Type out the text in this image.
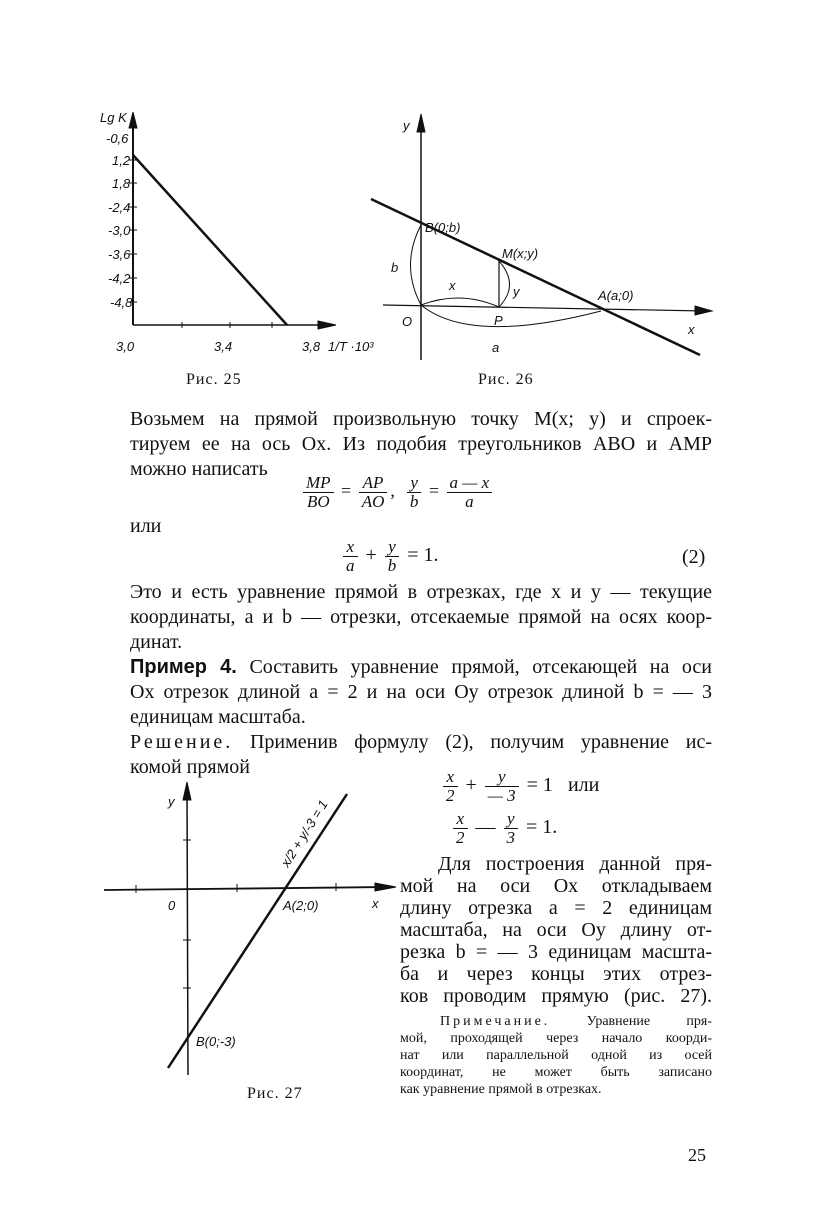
Lg K
-0,6
1,2
1,8
-2,4
-3,0
-3,6
-4,2
-4,8
3,0	3,4	3,8 1/T ·10³
y
x
O
B(0;b)
M(x;y)
A(a;0)
P
b
x	y
a
Рис. 25	Рис. 26
Возьмем на прямой произвольную точку M(x; y) и спроек-
тируем ее на ось Ox. Из подобия треугольников ABO и AMP
можно написать
$\frac{MP}{BO} = \frac{AP}{AO}$ , $\frac{y}{b} = \frac{a — x}{a}$
или
$\frac{x}{a} + \frac{y}{b} = 1$.	(2)
Это и есть уравнение прямой в отрезках, где x и y — текущие
координаты, a и b — отрезки, отсекаемые прямой на осях коор-
динат.
Пример 4. Составить уравнение прямой, отсекающей на оси
Ox отрезок длиной a = 2 и на оси Oy отрезок длиной b = — 3
единицам масштаба.
Решение. Применив формулу (2), получим уравнение ис-
комой прямой
$\frac{x}{2} + \frac{y}{— 3} = 1$ или
$\frac{x}{2}$ — $\frac{y}{3} = 1$.
Для построения данной пря-
мой на оси Ox откладываем
длину отрезка a = 2 единицам
масштаба, на оси Oy длину от-
резка b = — 3 единицам масшта-
ба и через концы этих отрез-
ков проводим прямую (рис. 27).
Примечание. Уравнение пря-
мой, проходящей через начало коорди-
нат или параллельной одной из осей
координат, не может быть записано
как уравнение прямой в отрезках.
y
x
0	A(2;0)
B(0;-3)
x/2 + y/-3 = 1
Рис. 27
25
